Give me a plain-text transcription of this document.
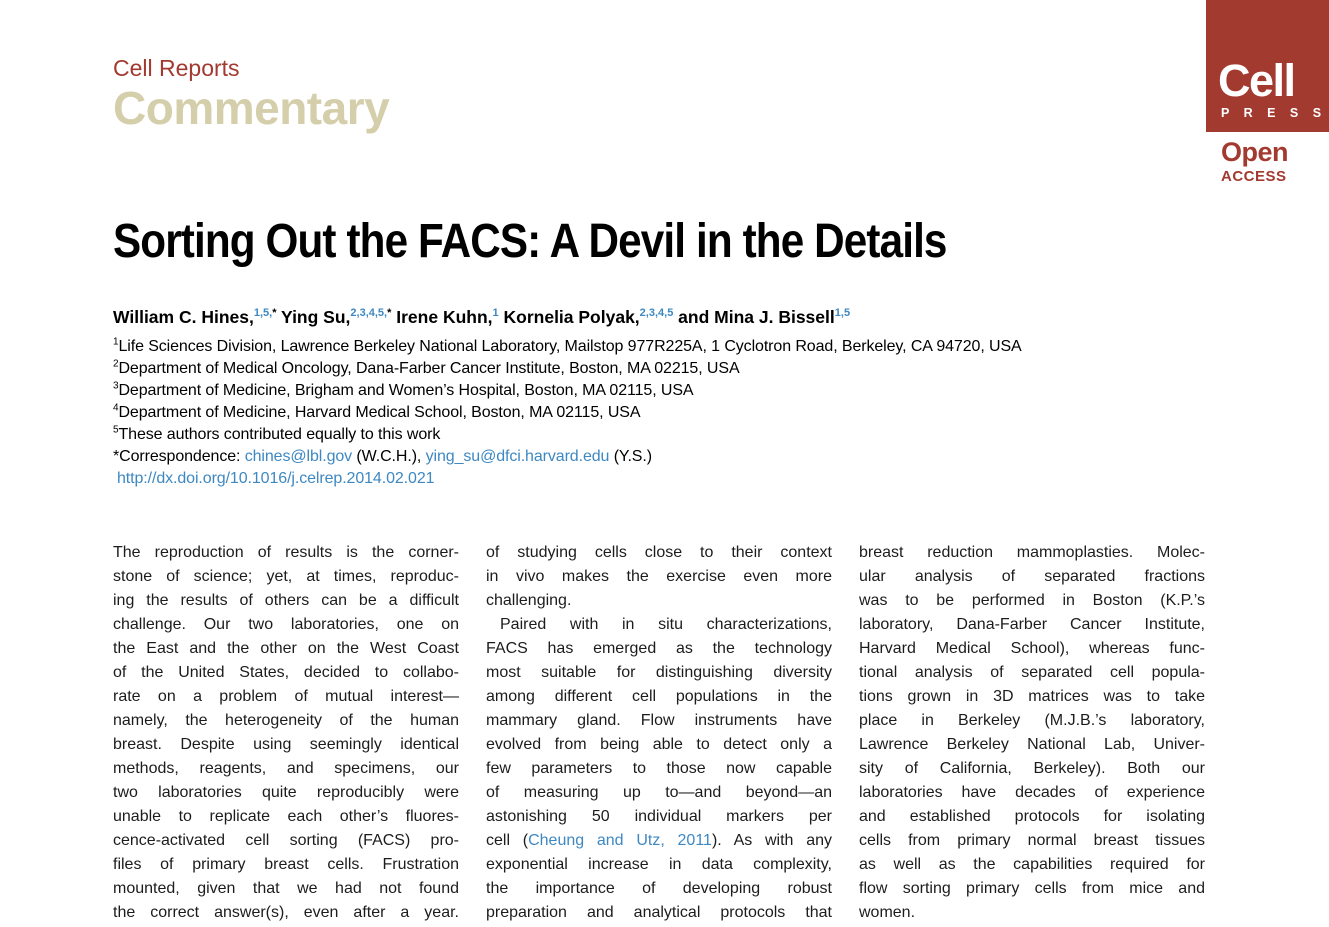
Cell Reports
Commentary
Cell
P R E S S
Open
ACCESS
Sorting Out the FACS: A Devil in the Details
William C. Hines,$^{1,5,*}$ Ying Su,$^{2,3,4,5,*}$ Irene Kuhn,$^1$ Kornelia Polyak,$^{2,3,4,5}$ and Mina J. Bissell$^{1,5}$
$^1$Life Sciences Division, Lawrence Berkeley National Laboratory, Mailstop 977R225A, 1 Cyclotron Road, Berkeley, CA 94720, USA
$^2$Department of Medical Oncology, Dana-Farber Cancer Institute, Boston, MA 02215, USA
$^3$Department of Medicine, Brigham and Women’s Hospital, Boston, MA 02115, USA
$^4$Department of Medicine, Harvard Medical School, Boston, MA 02115, USA
$^5$These authors contributed equally to this work
*Correspondence: chines@lbl.gov (W.C.H.), ying_su@dfci.harvard.edu (Y.S.)
http://dx.doi.org/10.1016/j.celrep.2014.02.021
The reproduction of results is the corner-
stone of science; yet, at times, reproduc-
ing the results of others can be a difficult
challenge. Our two laboratories, one on
the East and the other on the West Coast
of the United States, decided to collabo-
rate on a problem of mutual interest—
namely, the heterogeneity of the human
breast. Despite using seemingly identical
methods, reagents, and specimens, our
two laboratories quite reproducibly were
unable to replicate each other’s fluores-
cence-activated cell sorting (FACS) pro-
files of primary breast cells. Frustration
mounted, given that we had not found
the correct answer(s), even after a year.
of studying cells close to their context
in vivo makes the exercise even more
challenging.
Paired with in situ characterizations,
FACS has emerged as the technology
most suitable for distinguishing diversity
among different cell populations in the
mammary gland. Flow instruments have
evolved from being able to detect only a
few parameters to those now capable
of measuring up to—and beyond—an
astonishing 50 individual markers per
cell (Cheung and Utz, 2011). As with any
exponential increase in data complexity,
the importance of developing robust
preparation and analytical protocols that
breast reduction mammoplasties. Molec-
ular analysis of separated fractions
was to be performed in Boston (K.P.’s
laboratory, Dana-Farber Cancer Institute,
Harvard Medical School), whereas func-
tional analysis of separated cell popula-
tions grown in 3D matrices was to take
place in Berkeley (M.J.B.’s laboratory,
Lawrence Berkeley National Lab, Univer-
sity of California, Berkeley). Both our
laboratories have decades of experience
and established protocols for isolating
cells from primary normal breast tissues
as well as the capabilities required for
flow sorting primary cells from mice and
women.
